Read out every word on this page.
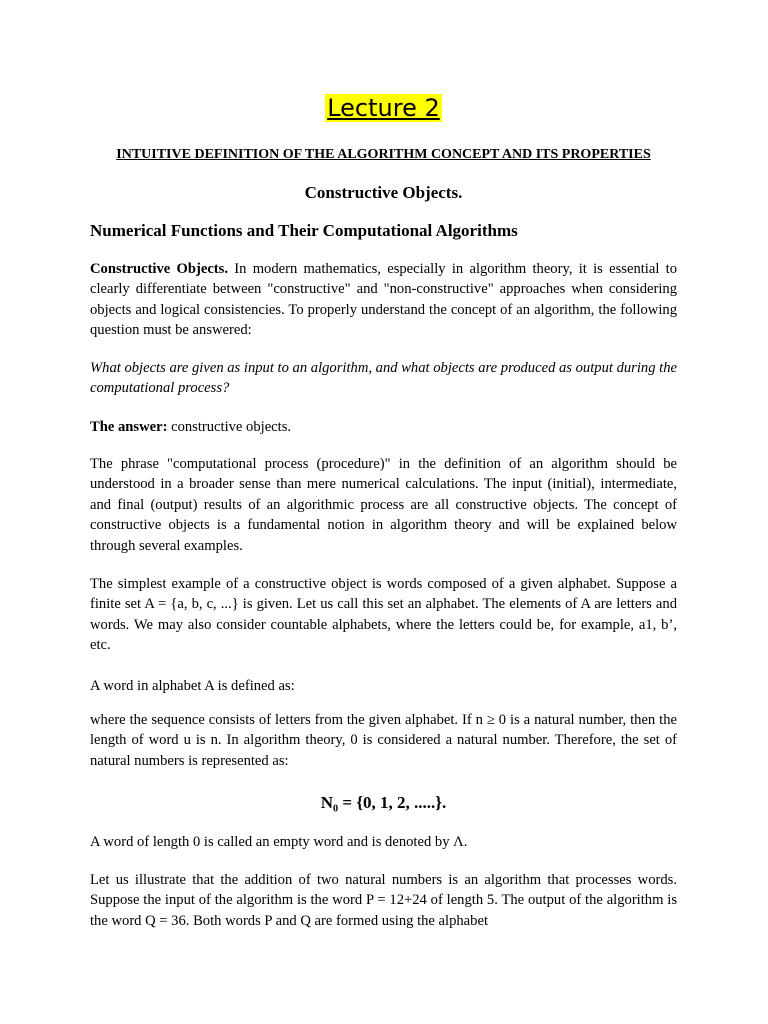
Lecture 2
INTUITIVE DEFINITION OF THE ALGORITHM CONCEPT AND ITS PROPERTIES
Constructive Objects.
Numerical Functions and Their Computational Algorithms
Constructive Objects. In modern mathematics, especially in algorithm theory, it is essential to clearly differentiate between "constructive" and "non-constructive" approaches when considering objects and logical consistencies. To properly understand the concept of an algorithm, the following question must be answered:
What objects are given as input to an algorithm, and what objects are produced as output during the computational process?
The answer: constructive objects.
The phrase "computational process (procedure)" in the definition of an algorithm should be understood in a broader sense than mere numerical calculations. The input (initial), intermediate, and final (output) results of an algorithmic process are all constructive objects. The concept of constructive objects is a fundamental notion in algorithm theory and will be explained below through several examples.
The simplest example of a constructive object is words composed of a given alphabet. Suppose a finite set A = {a, b, c, ...} is given. Let us call this set an alphabet. The elements of A are letters and words. We may also consider countable alphabets, where the letters could be, for example, a1, b’, etc.
A word in alphabet A is defined as:
where the sequence consists of letters from the given alphabet. If n ≥ 0 is a natural number, then the length of word u is n. In algorithm theory, 0 is considered a natural number. Therefore, the set of natural numbers is represented as:
N₀ = {0, 1, 2, .....}.
A word of length 0 is called an empty word and is denoted by Λ.
Let us illustrate that the addition of two natural numbers is an algorithm that processes words. Suppose the input of the algorithm is the word P = 12+24 of length 5. The output of the algorithm is the word Q = 36. Both words P and Q are formed using the alphabet
